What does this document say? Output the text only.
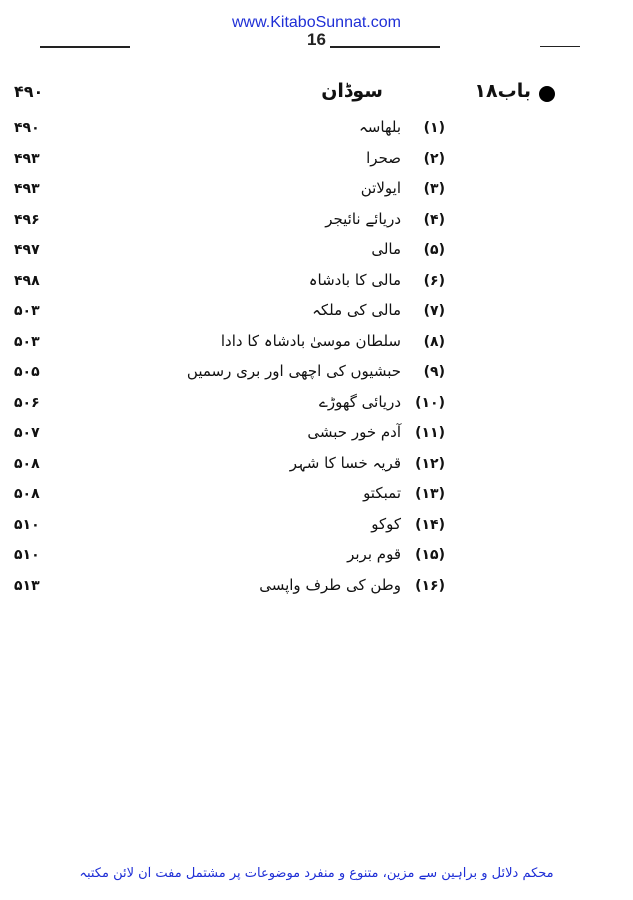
www.KitaboSunnat.com
16
باب۱۸
سوڈان
۴۹۰
(۱)
بلھاسہ
۴۹۰
(۲)
صحرا
۴۹۳
(۳)
ایولاتن
۴۹۳
(۴)
دریائے نائیجر
۴۹۶
(۵)
مالی
۴۹۷
(۶)
مالی کا بادشاہ
۴۹۸
(۷)
مالی کی ملکہ
۵۰۳
(۸)
سلطان موسیٰ بادشاہ کا دادا
۵۰۳
(۹)
حبشیوں کی اچھی اور بری رسمیں
۵۰۵
(۱۰)
دریائی گھوڑے
۵۰۶
(۱۱)
آدم خور حبشی
۵۰۷
(۱۲)
قریہ خسا کا شہر
۵۰۸
(۱۳)
تمبکتو
۵۰۸
(۱۴)
کوکو
۵۱۰
(۱۵)
قوم بربر
۵۱۰
(۱۶)
وطن کی طرف واپسی
۵۱۳
محکم دلائل و براہین سے مزین، متنوع و منفرد موضوعات پر مشتمل مفت آن لائن مکتبہ
